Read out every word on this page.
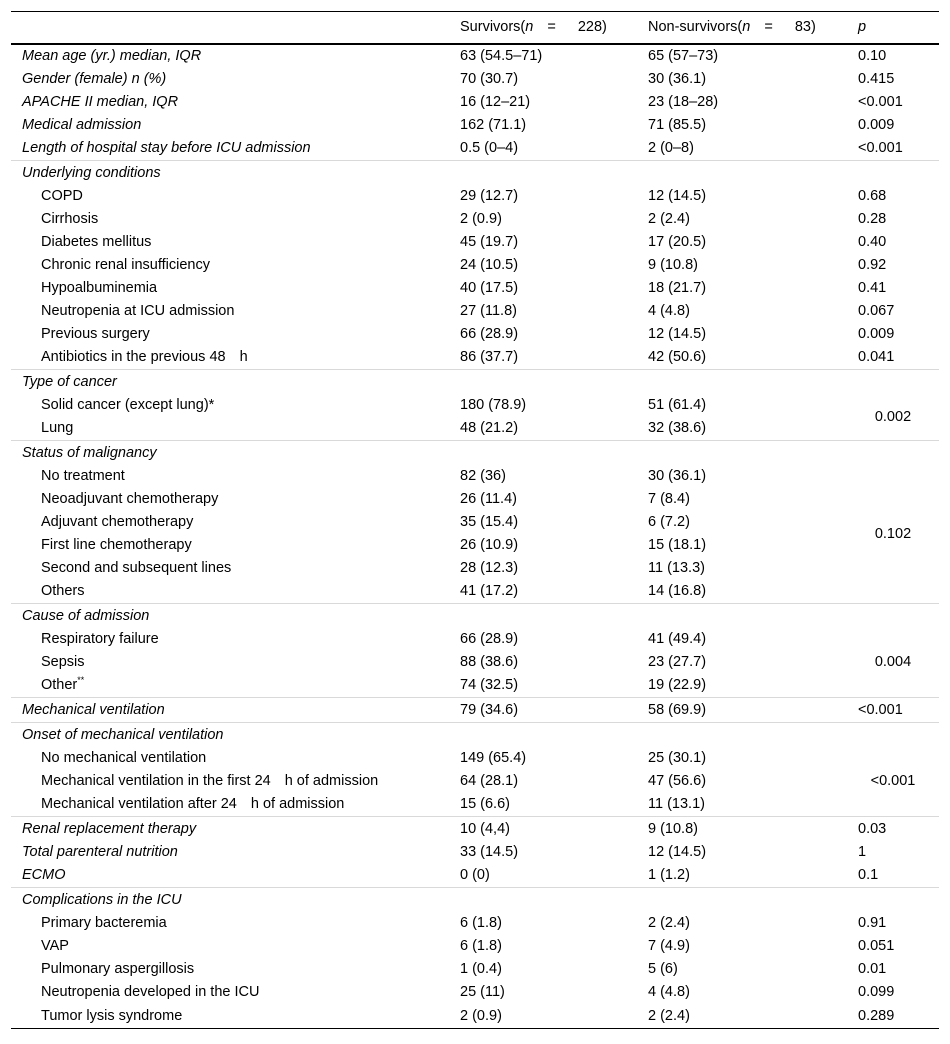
	Survivors(n = 228)	Non-survivors(n = 83)	p
Mean age (yr.) median, IQR	63 (54.5–71)	65 (57–73)	0.10
Gender (female) n (%)	70 (30.7)	30 (36.1)	0.415
APACHE II median, IQR	16 (12–21)	23 (18–28)	<0.001
Medical admission	162 (71.1)	71 (85.5)	0.009
Length of hospital stay before ICU admission	0.5 (0–4)	2 (0–8)	<0.001
Underlying conditions			
COPD	29 (12.7)	12 (14.5)	0.68
Cirrhosis	2 (0.9)	2 (2.4)	0.28
Diabetes mellitus	45 (19.7)	17 (20.5)	0.40
Chronic renal insufficiency	24 (10.5)	9 (10.8)	0.92
Hypoalbuminemia	40 (17.5)	18 (21.7)	0.41
Neutropenia at ICU admission	27 (11.8)	4 (4.8)	0.067
Previous surgery	66 (28.9)	12 (14.5)	0.009
Antibiotics in the previous 48 h	86 (37.7)	42 (50.6)	0.041
Type of cancer			
Solid cancer (except lung)*	180 (78.9)	51 (61.4)	0.002
Lung	48 (21.2)	32 (38.6)	
Status of malignancy			
No treatment	82 (36)	30 (36.1)	0.102
Neoadjuvant chemotherapy	26 (11.4)	7 (8.4)	
Adjuvant chemotherapy	35 (15.4)	6 (7.2)	
First line chemotherapy	26 (10.9)	15 (18.1)	
Second and subsequent lines	28 (12.3)	11 (13.3)	
Others	41 (17.2)	14 (16.8)	
Cause of admission			
Respiratory failure	66 (28.9)	41 (49.4)	0.004
Sepsis	88 (38.6)	23 (27.7)	
Other**	74 (32.5)	19 (22.9)	
Mechanical ventilation	79 (34.6)	58 (69.9)	<0.001
Onset of mechanical ventilation			
No mechanical ventilation	149 (65.4)	25 (30.1)	<0.001
Mechanical ventilation in the first 24 h of admission	64 (28.1)	47 (56.6)	
Mechanical ventilation after 24 h of admission	15 (6.6)	11 (13.1)	
Renal replacement therapy	10 (4,4)	9 (10.8)	0.03
Total parenteral nutrition	33 (14.5)	12 (14.5)	1
ECMO	0 (0)	1 (1.2)	0.1
Complications in the ICU			
Primary bacteremia	6 (1.8)	2 (2.4)	0.91
VAP	6 (1.8)	7 (4.9)	0.051
Pulmonary aspergillosis	1 (0.4)	5 (6)	0.01
Neutropenia developed in the ICU	25 (11)	4 (4.8)	0.099
Tumor lysis syndrome	2 (0.9)	2 (2.4)	0.289
